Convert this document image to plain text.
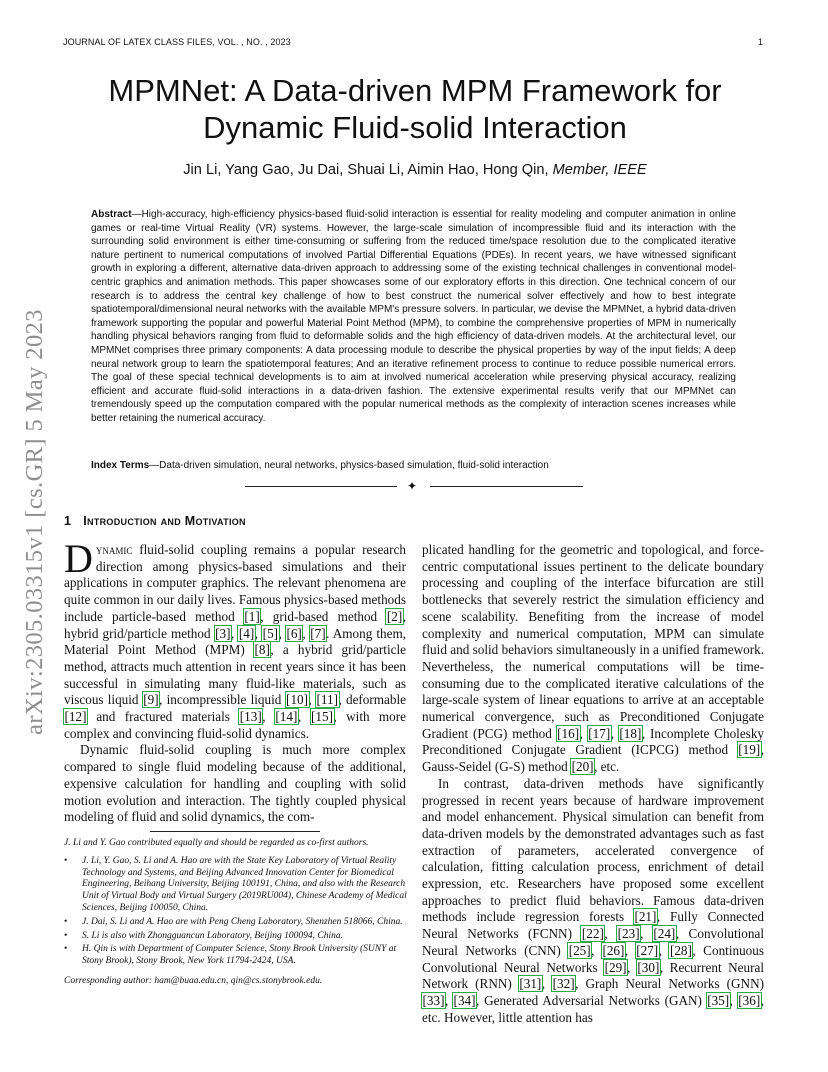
JOURNAL OF LATEX CLASS FILES, VOL. , NO. , 2023	1
arXiv:2305.03315v1 [cs.GR] 5 May 2023
MPMNet: A Data-driven MPM Framework for Dynamic Fluid-solid Interaction
Jin Li, Yang Gao, Ju Dai, Shuai Li, Aimin Hao, Hong Qin, Member, IEEE

Abstract—High-accuracy, high-efficiency physics-based fluid-solid interaction is essential for reality modeling and computer animation in online games or real-time Virtual Reality (VR) systems. However, the large-scale simulation of incompressible fluid and its interaction with the surrounding solid environment is either time-consuming or suffering from the reduced time/space resolution due to the complicated iterative nature pertinent to numerical computations of involved Partial Differential Equations (PDEs). In recent years, we have witnessed significant growth in exploring a different, alternative data-driven approach to addressing some of the existing technical challenges in conventional model-centric graphics and animation methods. This paper showcases some of our exploratory efforts in this direction. One technical concern of our research is to address the central key challenge of how to best construct the numerical solver effectively and how to best integrate spatiotemporal/dimensional neural networks with the available MPM's pressure solvers. In particular, we devise the MPMNet, a hybrid data-driven framework supporting the popular and powerful Material Point Method (MPM), to combine the comprehensive properties of MPM in numerically handling physical behaviors ranging from fluid to deformable solids and the high efficiency of data-driven models. At the architectural level, our MPMNet comprises three primary components: A data processing module to describe the physical properties by way of the input fields; A deep neural network group to learn the spatiotemporal features; And an iterative refinement process to continue to reduce possible numerical errors. The goal of these special technical developments is to aim at involved numerical acceleration while preserving physical accuracy, realizing efficient and accurate fluid-solid interactions in a data-driven fashion. The extensive experimental results verify that our MPMNet can tremendously speed up the computation compared with the popular numerical methods as the complexity of interaction scenes increases while better retaining the numerical accuracy.

Index Terms—Data-driven simulation, neural networks, physics-based simulation, fluid-solid interaction

✦
1 Introduction and Motivation

Dynamic fluid-solid coupling remains a popular research direction among physics-based simulations and their applications in computer graphics. The relevant phenomena are quite common in our daily lives. Famous physics-based methods include particle-based method [1], grid-based method [2], hybrid grid/particle method [3], [4], [5], [6], [7]. Among them, Material Point Method (MPM) [8], a hybrid grid/particle method, attracts much attention in recent years since it has been successful in simulating many fluid-like materials, such as viscous liquid [9], incompressible liquid [10], [11], deformable [12] and fractured materials [13], [14], [15], with more complex and convincing fluid-solid dynamics.

Dynamic fluid-solid coupling is much more complex compared to single fluid modeling because of the additional, expensive calculation for handling and coupling with solid motion evolution and interaction. The tightly coupled physical modeling of fluid and solid dynamics, the com-

J. Li and Y. Gao contributed equally and should be regarded as co-first authors.

• J. Li, Y. Gao, S. Li and A. Hao are with the State Key Laboratory of Virtual Reality Technology and Systems, and Beijing Advanced Innovation Center for Biomedical Engineering, Beihang University, Beijing 100191, China, and also with the Research Unit of Virtual Body and Virtual Surgery (2019RU004), Chinese Academy of Medical Sciences, Beijing 100050, China.
• J. Dai, S. Li and A. Hao are with Peng Cheng Laboratory, Shenzhen 518066, China.
• S. Li is also with Zhongguancun Laboratory, Beijing 100094, China.
• H. Qin is with Department of Computer Science, Stony Brook University (SUNY at Stony Brook), Stony Brook, New York 11794-2424, USA.

Corresponding author: ham@buaa.edu.cn, qin@cs.stonybrook.edu.

plicated handling for the geometric and topological, and force-centric computational issues pertinent to the delicate boundary processing and coupling of the interface bifurcation are still bottlenecks that severely restrict the simulation efficiency and scene scalability. Benefiting from the increase of model complexity and numerical computation, MPM can simulate fluid and solid behaviors simultaneously in a unified framework. Nevertheless, the numerical computations will be time-consuming due to the complicated iterative calculations of the large-scale system of linear equations to arrive at an acceptable numerical convergence, such as Preconditioned Conjugate Gradient (PCG) method [16], [17], [18], Incomplete Cholesky Preconditioned Conjugate Gradient (ICPCG) method [19], Gauss-Seidel (G-S) method [20], etc.

In contrast, data-driven methods have significantly progressed in recent years because of hardware improvement and model enhancement. Physical simulation can benefit from data-driven models by the demonstrated advantages such as fast extraction of parameters, accelerated convergence of calculation, fitting calculation process, enrichment of detail expression, etc. Researchers have proposed some excellent approaches to predict fluid behaviors. Famous data-driven methods include regression forests [21], Fully Connected Neural Networks (FCNN) [22], [23], [24], Convolutional Neural Networks (CNN) [25], [26], [27], [28], Continuous Convolutional Neural Networks [29], [30], Recurrent Neural Network (RNN) [31], [32], Graph Neural Networks (GNN) [33], [34], Generated Adversarial Networks (GAN) [35], [36], etc. However, little attention has
